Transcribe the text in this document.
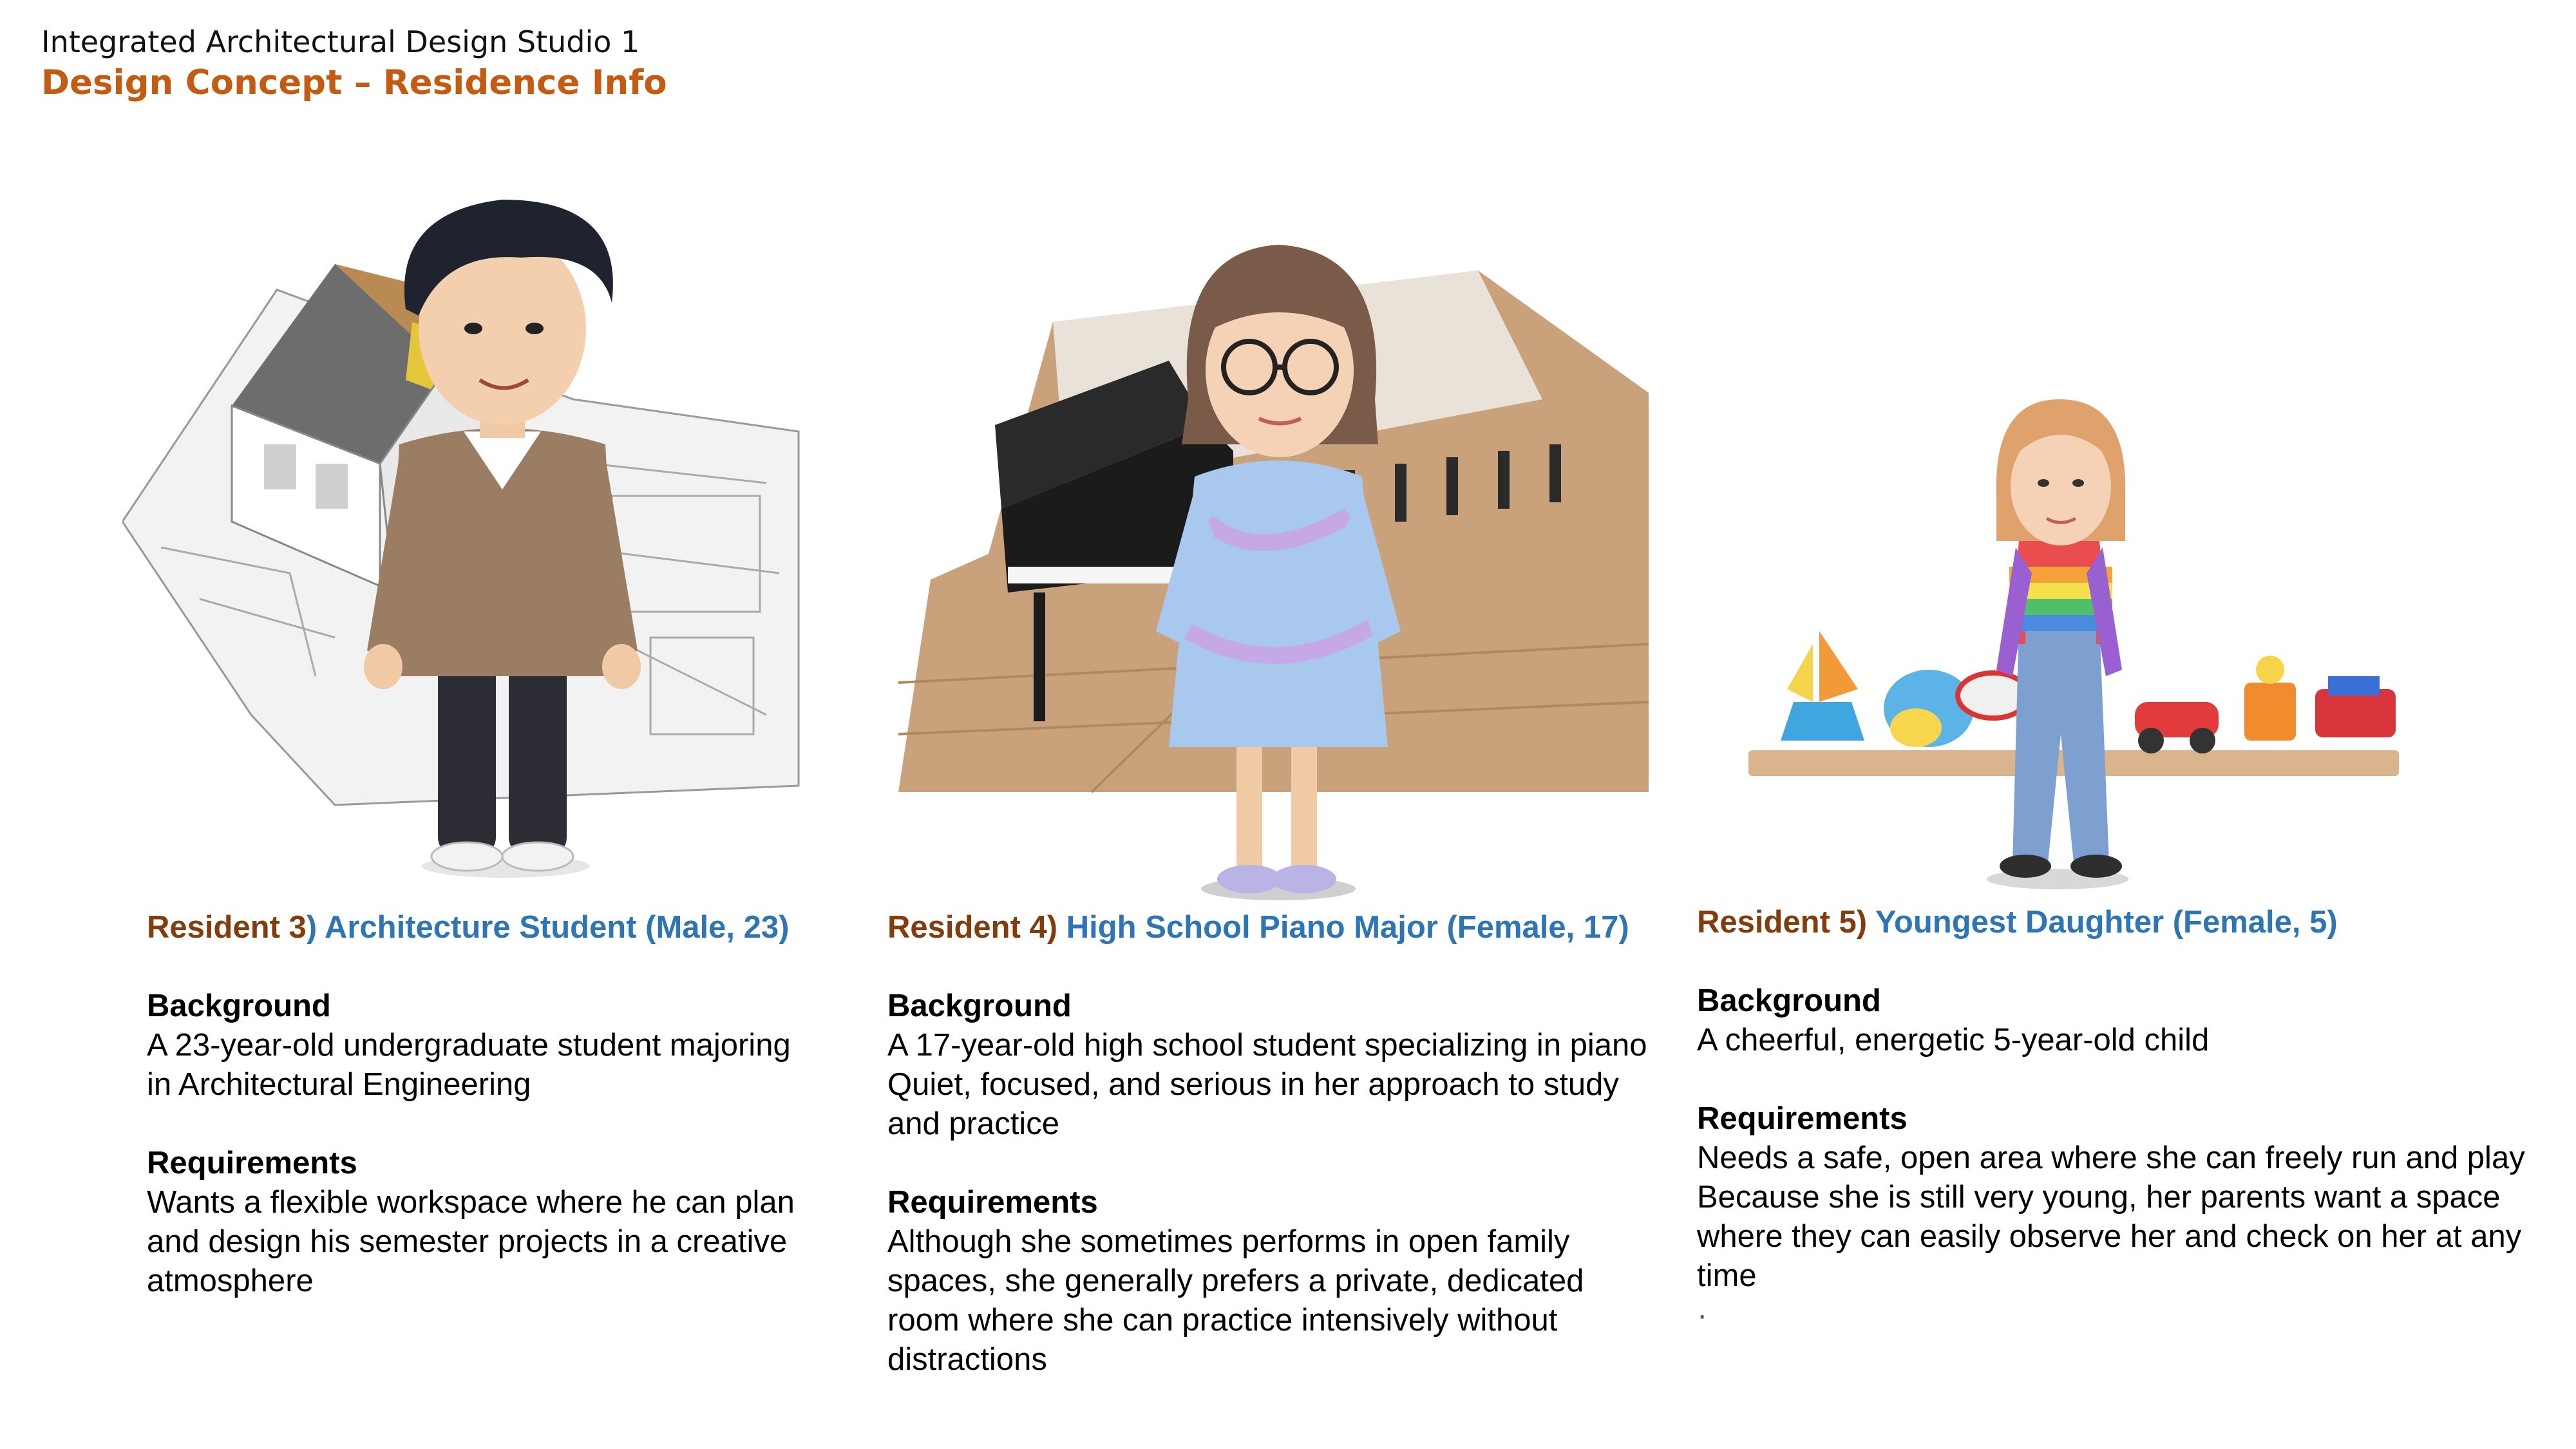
Integrated Architectural Design Studio 1
Design Concept – Residence Info
Resident 3) Architecture Student (Male, 23)
Background
A 23-year-old undergraduate student majoring
in Architectural Engineering
Requirements
Wants a flexible workspace where he can plan
and design his semester projects in a creative
atmosphere
Resident 4) High School Piano Major (Female, 17)
Background
A 17-year-old high school student specializing in piano
Quiet, focused, and serious in her approach to study
and practice
Requirements
Although she sometimes performs in open family
spaces, she generally prefers a private, dedicated
room where she can practice intensively without
distractions
Resident 5) Youngest Daughter (Female, 5)
Background
A cheerful, energetic 5-year-old child
Requirements
Needs a safe, open area where she can freely run and play
Because she is still very young, her parents want a space
where they can easily observe her and check on her at any
time
·
